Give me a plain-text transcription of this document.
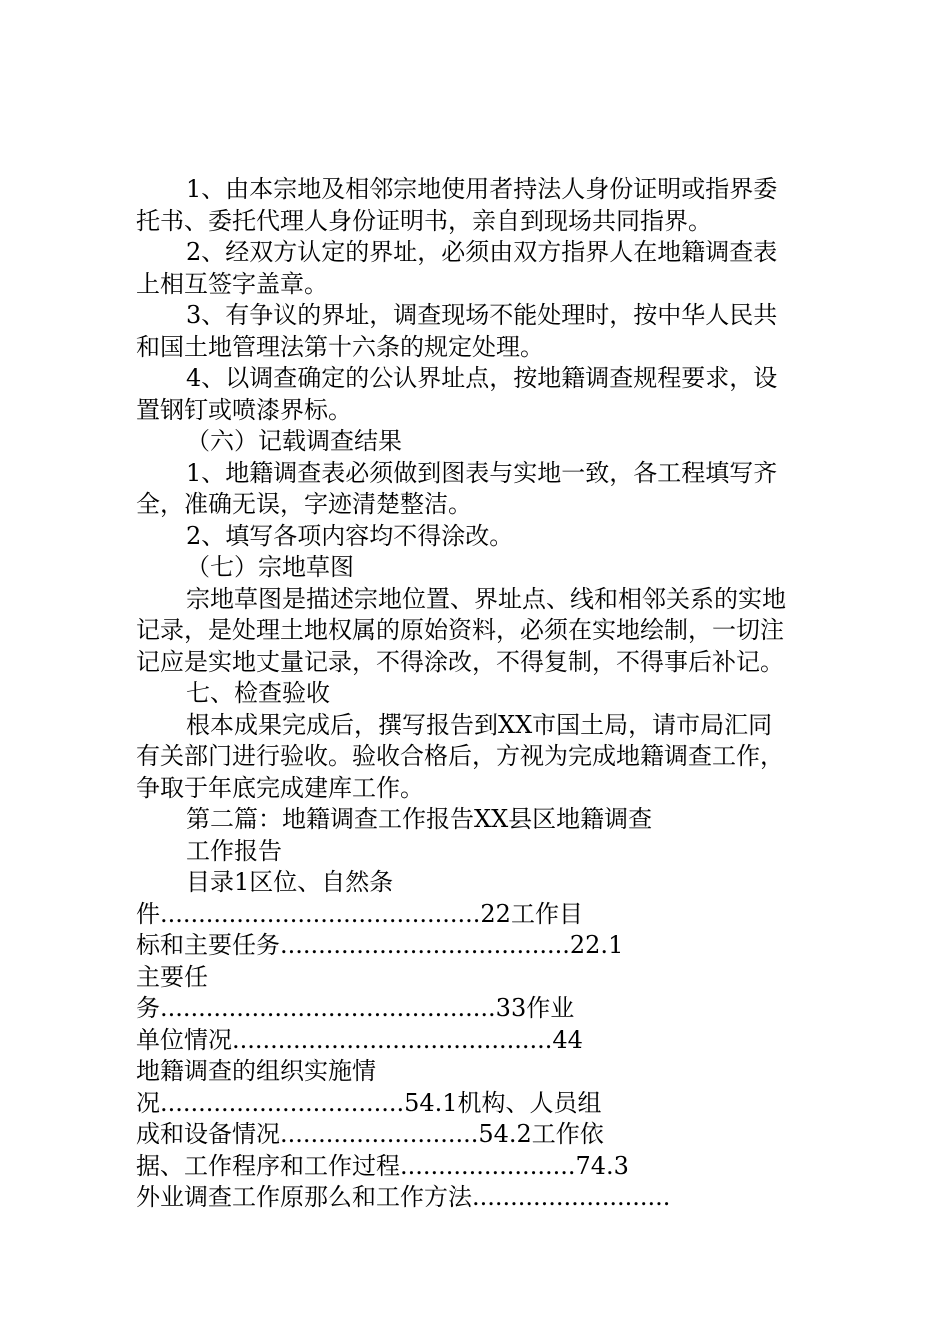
1、由本宗地及相邻宗地使用者持法人身份证明或指界委
托书、委托代理人身份证明书，亲自到现场共同指界。
2、经双方认定的界址，必须由双方指界人在地籍调查表
上相互签字盖章。
3、有争议的界址，调查现场不能处理时，按中华人民共
和国土地管理法第十六条的规定处理。
4、以调查确定的公认界址点，按地籍调查规程要求，设
置钢钉或喷漆界标。
（六）记载调查结果
1、地籍调查表必须做到图表与实地一致，各工程填写齐
全，准确无误，字迹清楚整洁。
2、填写各项内容均不得涂改。
（七）宗地草图
宗地草图是描述宗地位置、界址点、线和相邻关系的实地
记录，是处理土地权属的原始资料，必须在实地绘制，一切注
记应是实地丈量记录，不得涂改，不得复制，不得事后补记。
七、检查验收
根本成果完成后，撰写报告到XX市国土局，请市局汇同
有关部门进行验收。验收合格后，方视为完成地籍调查工作，
争取于年底完成建库工作。
第二篇：地籍调查工作报告XX县区地籍调查
工作报告
目录1区位、自然条
件..........................................22工作目
标和主要任务......................................22.1
主要任
务............................................33作业
单位情况..........................................44
地籍调查的组织实施情
况................................54.1机构、人员组
成和设备情况..........................54.2工作依
据、工作程序和工作过程.......................74.3
外业调查工作原那么和工作方法..........................
